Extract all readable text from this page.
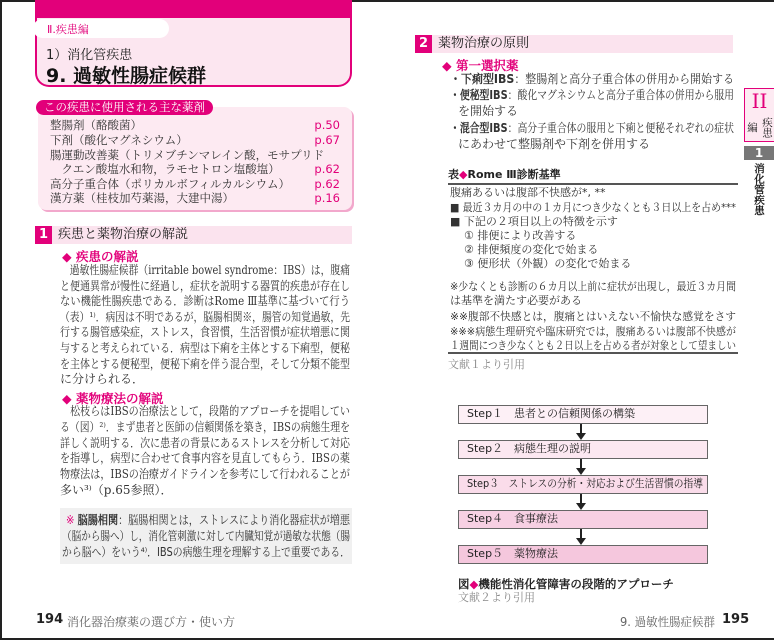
Ⅱ.疾患編
1）消化管疾患
9. 過敏性腸症候群
この疾患に使用される主な薬剤
整腸剤（酪酸菌）	p.50
下剤（酸化マグネシウム）	p.67
腸運動改善薬（トリメブチンマレイン酸，モサプリド
　クエン酸塩水和物，ラモセトロン塩酸塩）	p.62
高分子重合体（ポリカルボフィルカルシウム） p.62
漢方薬（桂枝加芍薬湯，大建中湯）	p.16
1 疾患と薬物治療の解説
◆ 疾患の解説
　過敏性腸症候群（irritable bowel syndrome：IBS）は，腹痛
と便通異常が慢性に経過し，症状を説明する器質的疾患が存在し
ない機能性腸疾患である．診断はRome Ⅲ基準に基づいて行う
（表）¹⁾．病因は不明であるが，脳腸相関※，腸管の知覚過敏，先
行する腸管感染症，ストレス，食習慣，生活習慣が症状増悪に関
与すると考えられている．病型は下痢を主体とする下痢型，便秘
を主体とする便秘型，便秘下痢を伴う混合型，そして分類不能型
に分けられる．
◆ 薬物療法の解説
　松枝らはIBSの治療法として，段階的アプローチを提唱してい
る（図）²⁾．まず患者と医師の信頼関係を築き，IBSの病態生理を
詳しく説明する．次に患者の背景にあるストレスを分析して対応
を指導し，病型に合わせて食事内容を見直してもらう．IBSの薬
物療法は，IBSの治療ガイドラインを参考にして行われることが
多い³⁾（p.65参照）．
※ 脳腸相関：脳腸相関とは，ストレスにより消化器症状が増悪
（脳から腸へ）し，消化管刺激に対して内臓知覚が過敏な状態（腸
から脳へ）をいう⁴⁾．IBSの病態生理を理解する上で重要である．
194 消化器治療薬の選び方・使い方
2 薬物治療の原則
◆ 第一選択薬
・下痢型IBS：整腸剤と高分子重合体の併用から開始する
・便秘型IBS：酸化マグネシウムと高分子重合体の併用から服用
を開始する
・混合型IBS：高分子重合体の服用と下痢と便秘それぞれの症状
にあわせて整腸剤や下剤を併用する
表◆Rome Ⅲ診断基準
腹痛あるいは腹部不快感が*, **
■ 最近３カ月の中の１カ月につき少なくとも３日以上を占め***
■ 下記の２項目以上の特徴を示す
① 排便により改善する
② 排便頻度の変化で始まる
③ 便形状（外観）の変化で始まる
※少なくとも診断の６カ月以上前に症状が出現し，最近３カ月間
は基準を満たす必要がある
※※腹部不快感とは，腹痛とはいえない不愉快な感覚をさす
※※※病態生理研究や臨床研究では，腹痛あるいは腹部不快感が
１週間につき少なくとも２日以上を占める者が対象として望ましい
文献１より引用
Step１　患者との信頼関係の構築
Step２　病態生理の説明
Step３　ストレスの分析・対応および生活習慣の指導
Step４　食事療法
Step５　薬物療法
図◆機能性消化管障害の段階的アプローチ
文献２より引用
9. 過敏性腸症候群 195
II
疾患編
1
消化管疾患
